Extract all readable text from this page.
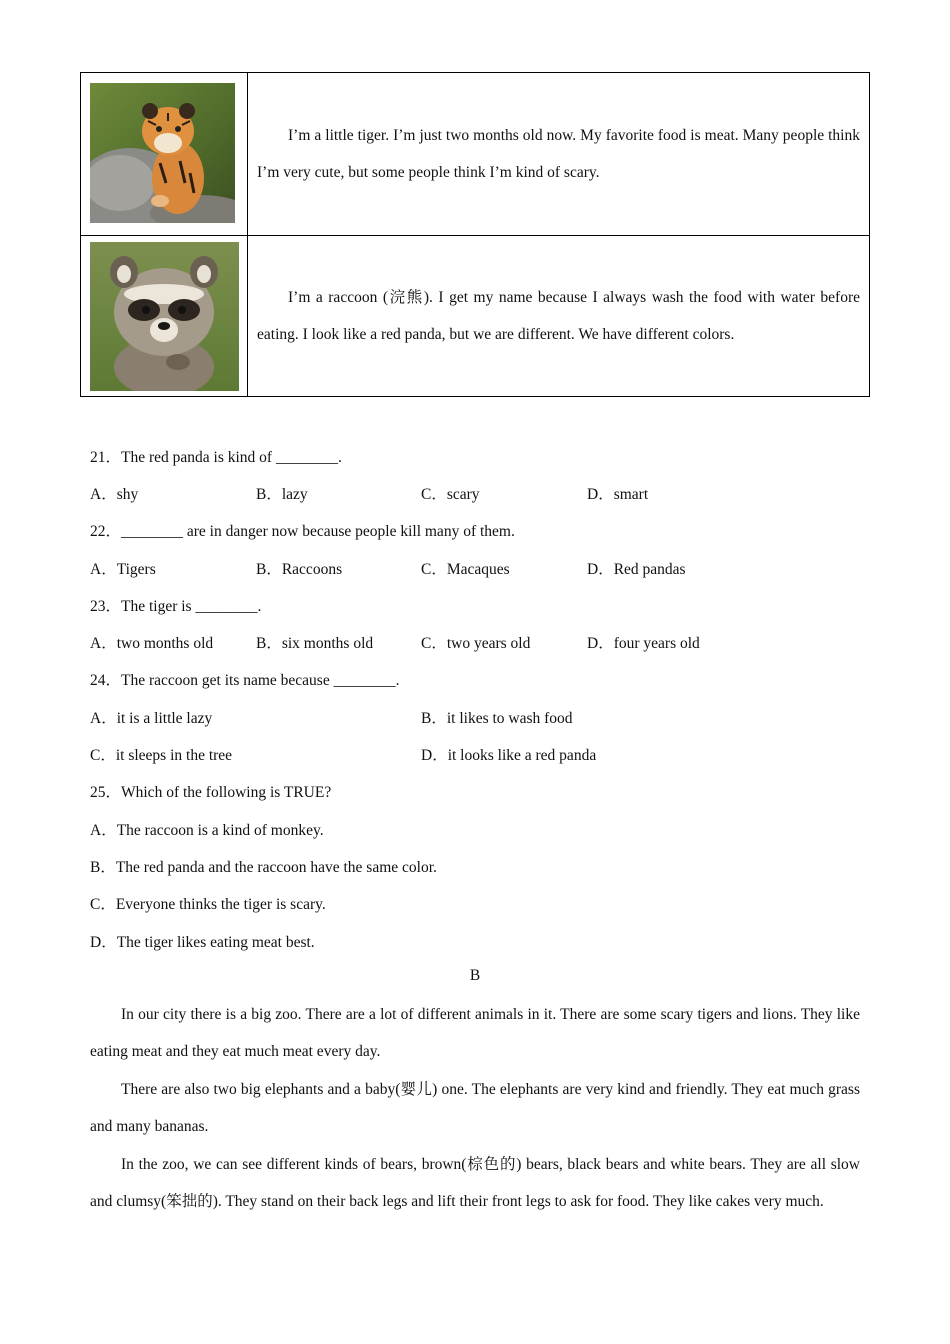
I’m a little tiger. I’m just two months old now. My favorite food is meat. Many people think I’m very cute, but some people think I’m kind of scary.

I’m a raccoon (浣熊). I get my name because I always wash the food with water before eating. I look like a red panda, but we are different. We have different colors.

21．The red panda is kind of ________.
A．shy	B．lazy	C．scary	D．smart
22．________ are in danger now because people kill many of them.
A．Tigers	B．Raccoons	C．Macaques	D．Red pandas
23．The tiger is ________.
A．two months old	B．six months old	C．two years old	D．four years old
24．The raccoon get its name because ________.
A．it is a little lazy	B．it likes to wash food
C．it sleeps in the tree	D．it looks like a red panda
25．Which of the following is TRUE?
A．The raccoon is a kind of monkey.
B．The red panda and the raccoon have the same color.
C．Everyone thinks the tiger is scary.
D．The tiger likes eating meat best.
B

In our city there is a big zoo. There are a lot of different animals in it. There are some scary tigers and lions. They like eating meat and they eat much meat every day.

There are also two big elephants and a baby(婴儿) one. The elephants are very kind and friendly. They eat much grass and many bananas.

In the zoo, we can see different kinds of bears, brown(棕色的) bears, black bears and white bears. They are all slow and clumsy(笨拙的). They stand on their back legs and lift their front legs to ask for food. They like cakes very much.
